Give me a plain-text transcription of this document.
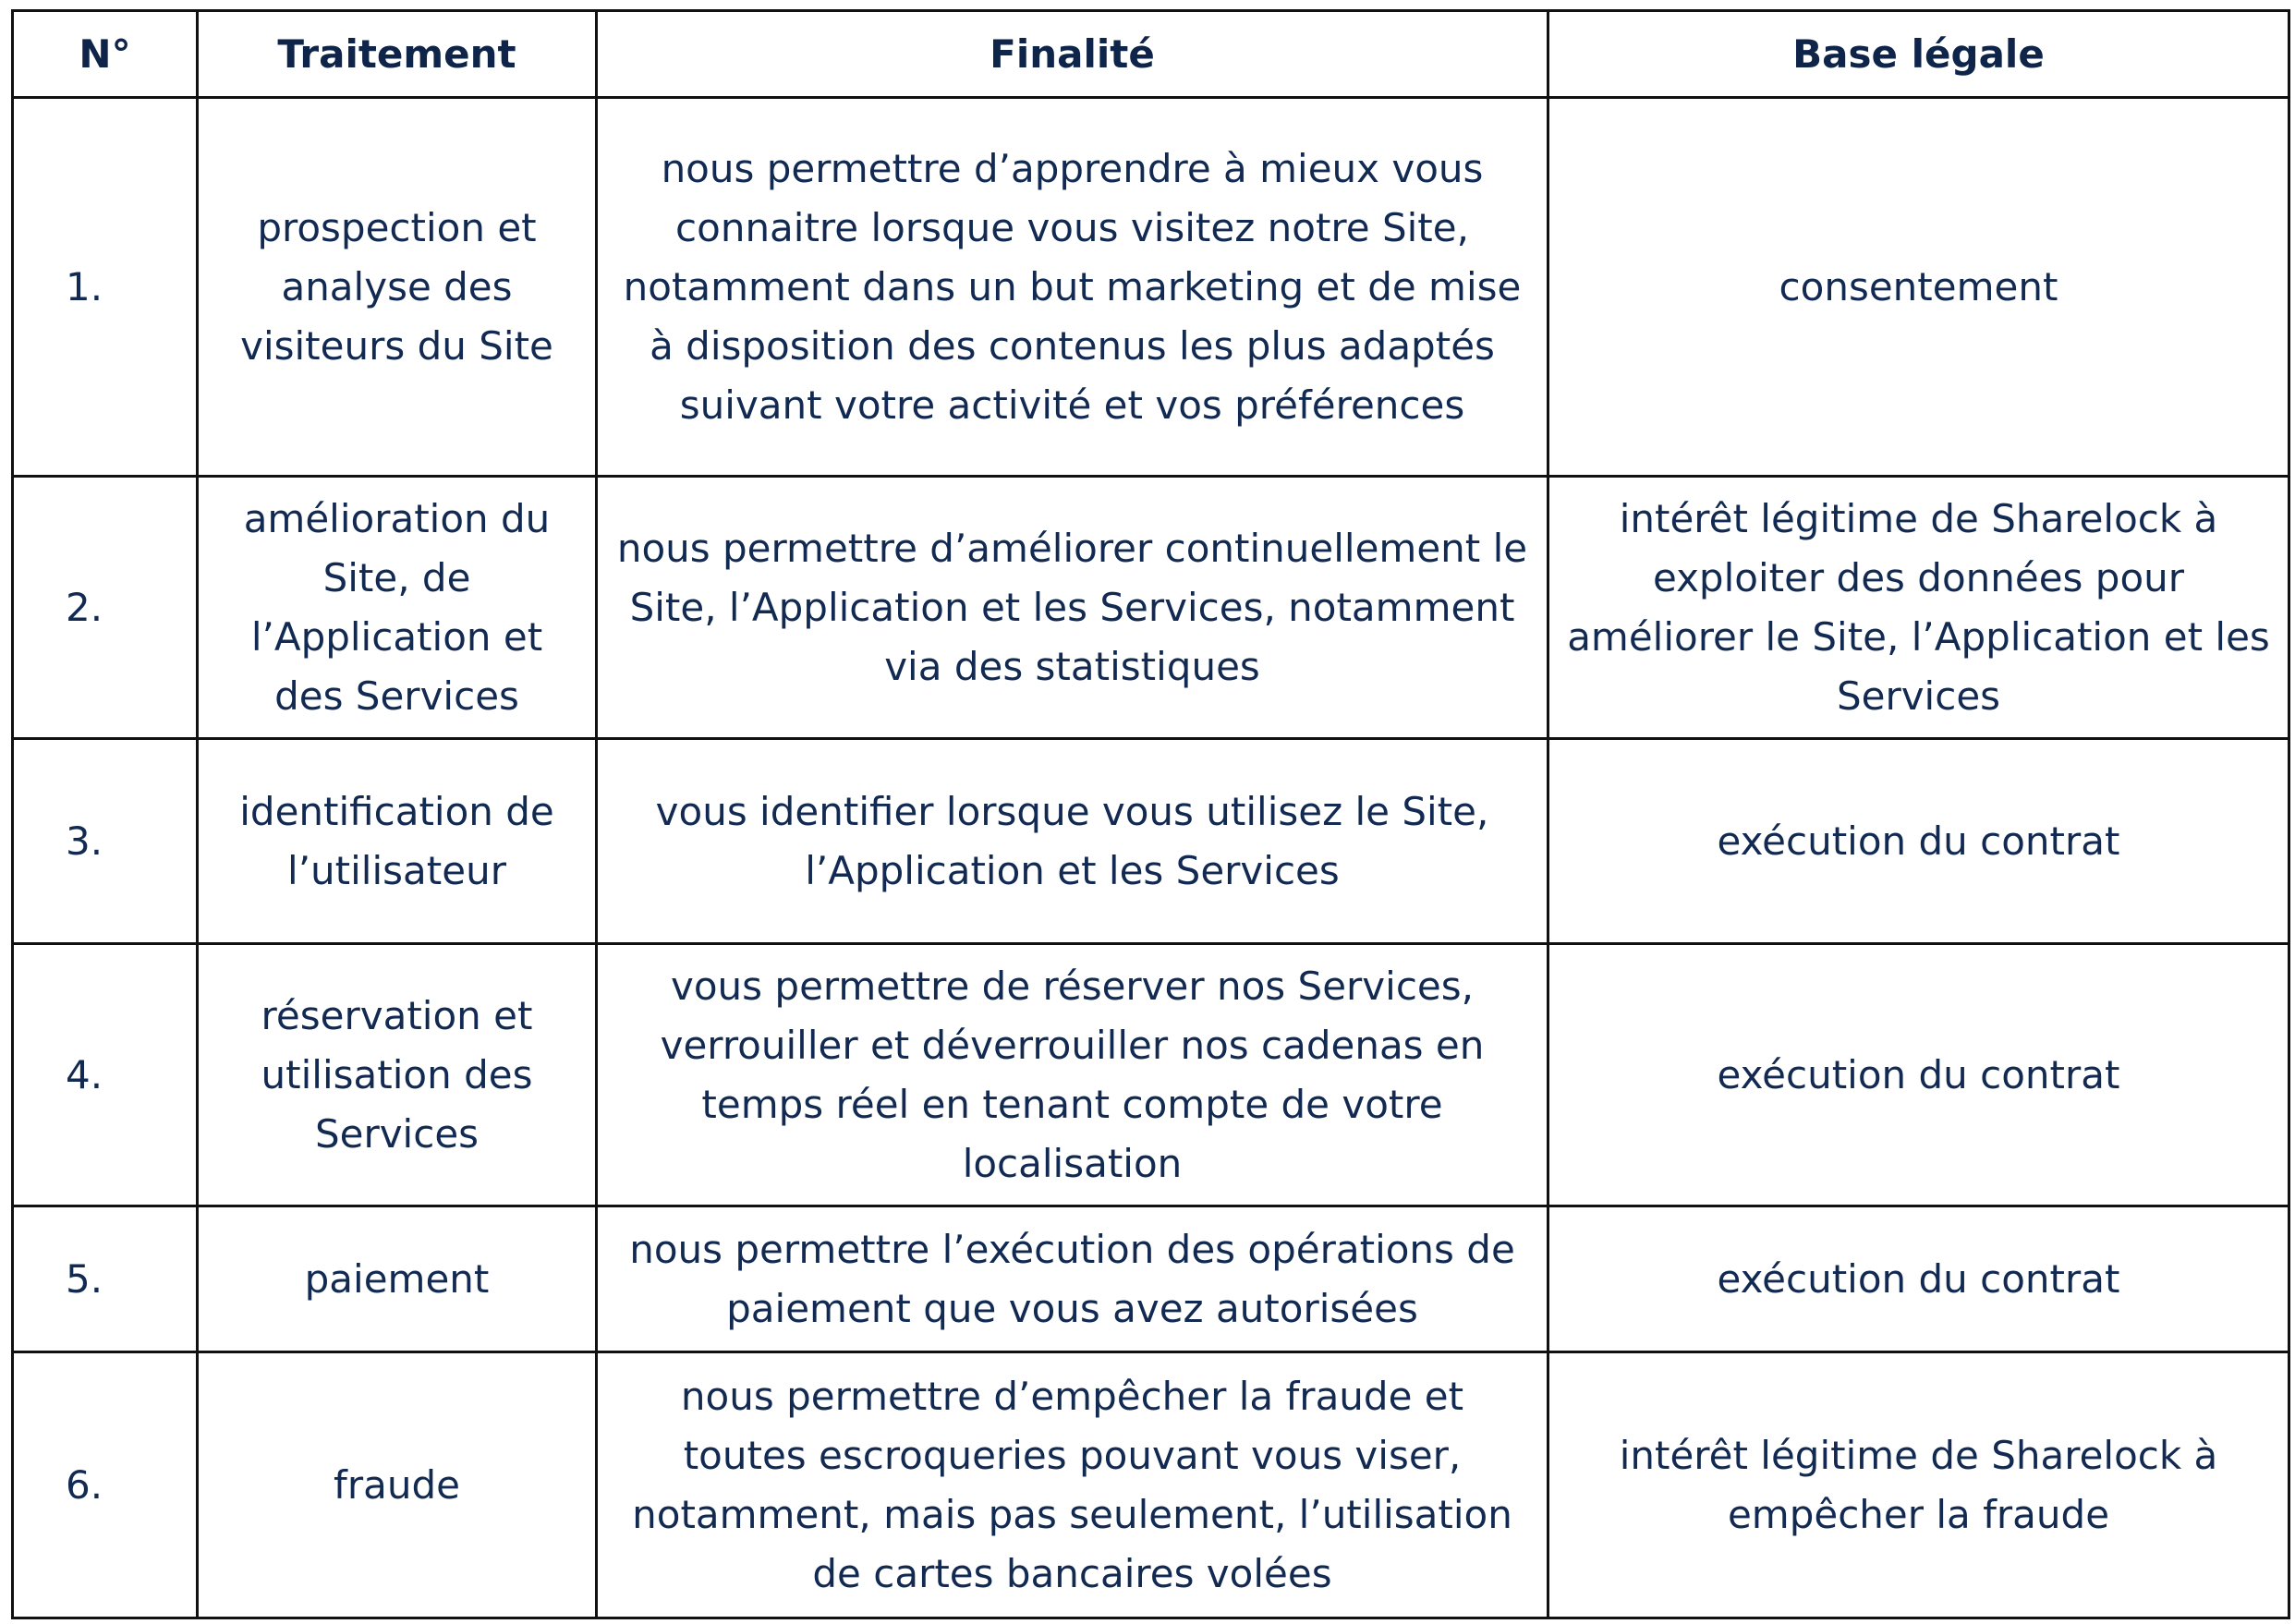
N°	Traitement	Finalité	Base légale
1.	prospection et analyse des visiteurs du Site	nous permettre d’apprendre à mieux vous connaitre lorsque vous visitez notre Site, notamment dans un but marketing et de mise à disposition des contenus les plus adaptés suivant votre activité et vos préférences	consentement
2.	amélioration du Site, de l’Application et des Services	nous permettre d’améliorer continuellement le Site, l’Application et les Services, notamment via des statistiques	intérêt légitime de Sharelock à exploiter des données pour améliorer le Site, l’Application et les Services
3.	identification de l’utilisateur	vous identifier lorsque vous utilisez le Site, l’Application et les Services	exécution du contrat
4.	réservation et utilisation des Services	vous permettre de réserver nos Services, verrouiller et déverrouiller nos cadenas en temps réel en tenant compte de votre localisation	exécution du contrat
5.	paiement	nous permettre l’exécution des opérations de paiement que vous avez autorisées	exécution du contrat
6.	fraude	nous permettre d’empêcher la fraude et toutes escroqueries pouvant vous viser, notamment, mais pas seulement, l’utilisation de cartes bancaires volées	intérêt légitime de Sharelock à empêcher la fraude
